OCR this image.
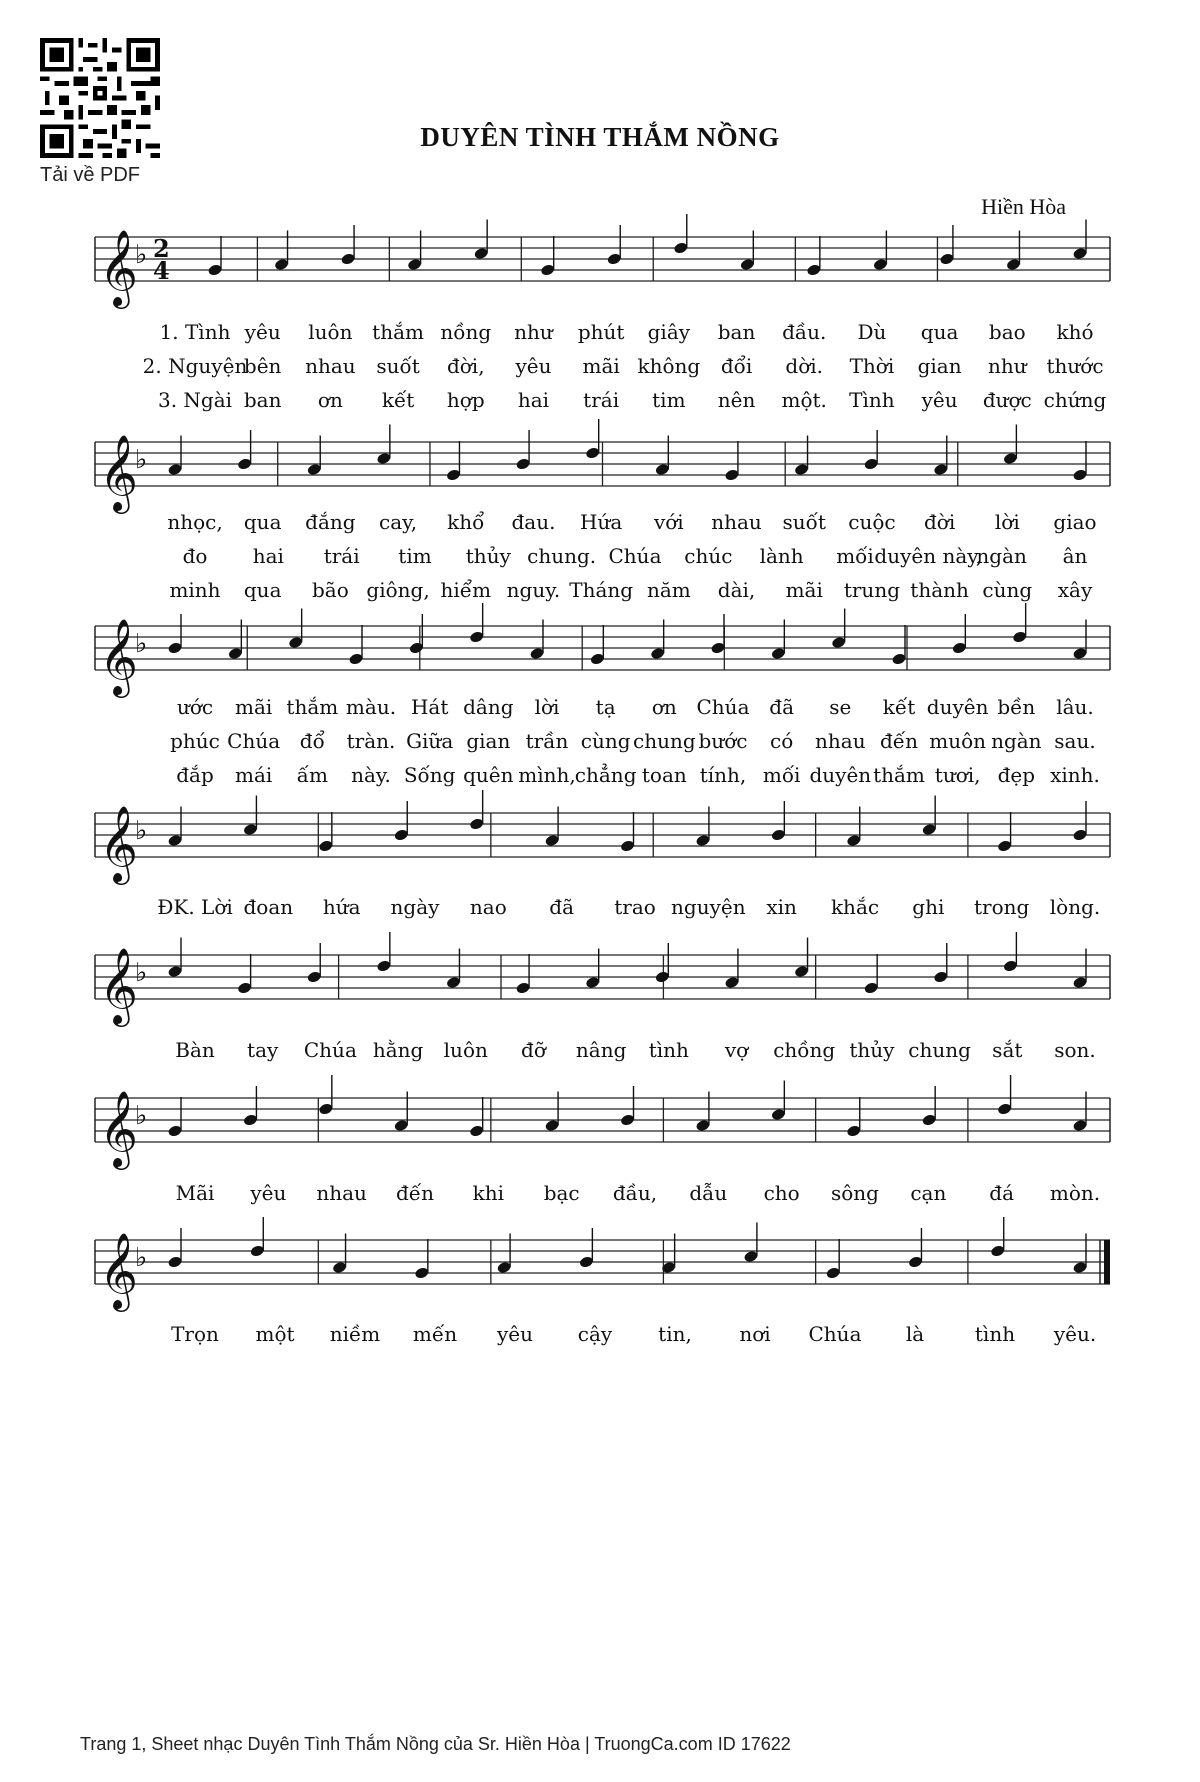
Tải về PDF
DUYÊN TÌNH THẮM NỒNG
Hiền Hòa
𝄞
♭ 2
4
1. Tình yêu luôn thắm nồng như phút giây ban đầu. Dù qua bao khó
2. Nguyện
bên nhau suốt đời, yêu mãi không đổi dời. Thời gian như thước
3. Ngài ban ơn kết hợp hai trái tim nên một. Tình yêu được chứng
𝄞
♭
nhọc, qua đắng cay, khổ đau. Hứa với nhau suốt cuộc đời lời giao
đo hai trái tim thủy chung. Chúa chúc lành mối duyên này,
ngàn ân
minh qua bão giông, hiểm nguy. Tháng năm dài, mãi trung thành cùng xây
𝄞
♭
ước mãi thắm màu. Hát dâng lời tạ ơn Chúa đã se kết duyên bền lâu.
phúc Chúa đổ tràn. Giữa gian trần cùng chung bước có nhau đến muôn ngàn sau.
đắp mái ấm này. Sống quên mình, chẳng toan tính, mối duyên thắm tươi, đẹp xinh.
𝄞
♭
ĐK. Lời đoan hứa ngày nao đã trao nguyện xin khắc ghi trong lòng.
𝄞
♭
Bàn tay Chúa hằng luôn đỡ nâng tình vợ chồng thủy chung sắt son.
𝄞
♭
Mãi yêu nhau đến khi bạc đầu, dẫu cho sông cạn đá mòn.
𝄞
♭
Trọn một niềm mến yêu cậy tin, nơi Chúa là	tình yêu.
Trang 1, Sheet nhạc Duyên Tình Thắm Nồng của Sr. Hiền Hòa | TruongCa.com ID 17622
